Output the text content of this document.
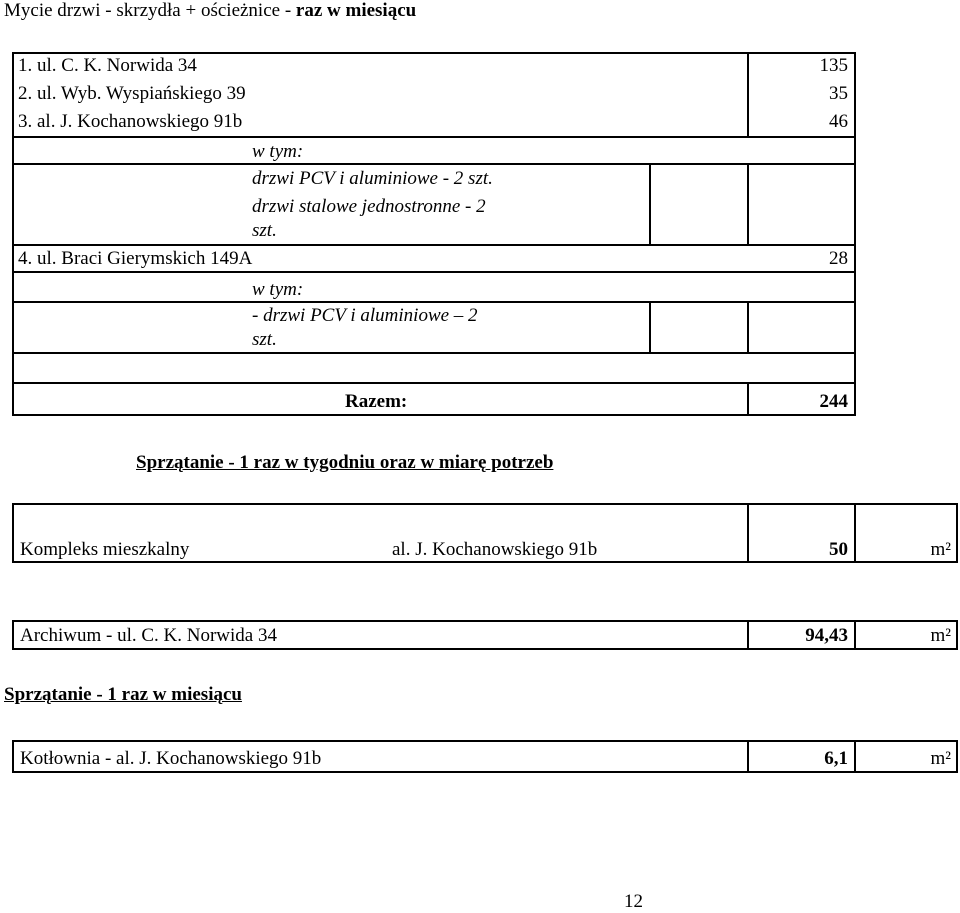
Mycie drzwi - skrzydła + ościeżnice - raz w miesiącu
1. ul. C. K. Norwida 34	135
2. ul. Wyb. Wyspiańskiego 39	35
3. al. J. Kochanowskiego 91b	46
w tym:
drzwi PCV i aluminiowe - 2 szt.
drzwi stalowe jednostronne - 2
szt.
4. ul. Braci Gierymskich 149A	28
w tym:
- drzwi PCV i aluminiowe – 2
szt.
Razem:	244
Sprzątanie - 1 raz w tygodniu oraz w miarę potrzeb
Kompleks mieszkalny	al. J. Kochanowskiego 91b	50	m²
Archiwum - ul. C. K. Norwida 34	94,43	m²
Sprzątanie - 1 raz w miesiącu
Kotłownia - al. J. Kochanowskiego 91b	6,1	m²
12
